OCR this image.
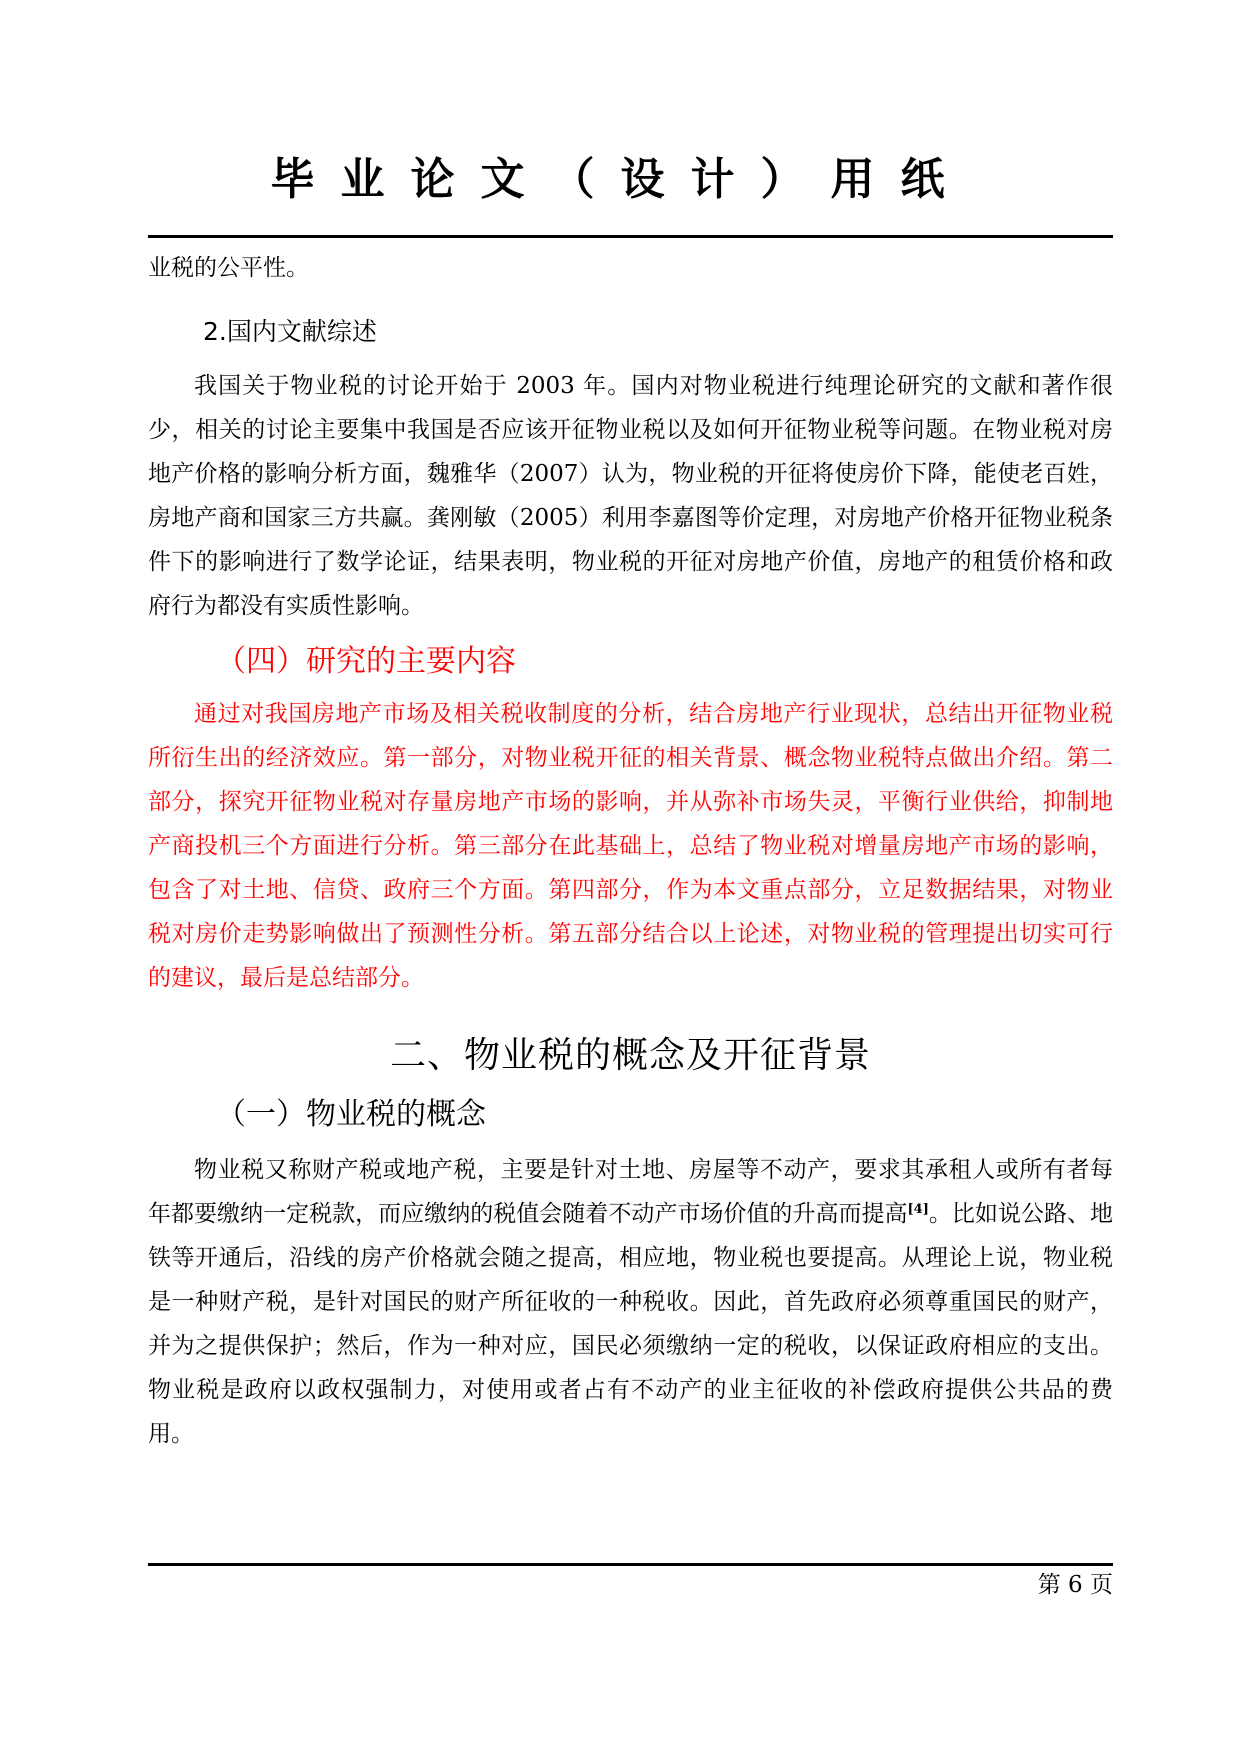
毕业论文（设计）用纸

业税的公平性。

2.国内文献综述

我国关于物业税的讨论开始于 2003 年。国内对物业税进行纯理论研究的文献和著作很少，相关的讨论主要集中我国是否应该开征物业税以及如何开征物业税等问题。在物业税对房地产价格的影响分析方面，魏雅华（2007）认为，物业税的开征将使房价下降，能使老百姓，房地产商和国家三方共赢。龚刚敏（2005）利用李嘉图等价定理，对房地产价格开征物业税条件下的影响进行了数学论证，结果表明，物业税的开征对房地产价值，房地产的租赁价格和政府行为都没有实质性影响。

（四）研究的主要内容

通过对我国房地产市场及相关税收制度的分析，结合房地产行业现状，总结出开征物业税所衍生出的经济效应。第一部分，对物业税开征的相关背景、概念物业税特点做出介绍。第二部分，探究开征物业税对存量房地产市场的影响，并从弥补市场失灵，平衡行业供给，抑制地产商投机三个方面进行分析。第三部分在此基础上，总结了物业税对增量房地产市场的影响，包含了对土地、信贷、政府三个方面。第四部分，作为本文重点部分，立足数据结果，对物业税对房价走势影响做出了预测性分析。第五部分结合以上论述，对物业税的管理提出切实可行的建议，最后是总结部分。

二、物业税的概念及开征背景
（一）物业税的概念

物业税又称财产税或地产税，主要是针对土地、房屋等不动产，要求其承租人或所有者每年都要缴纳一定税款，而应缴纳的税值会随着不动产市场价值的升高而提高[4]。比如说公路、地铁等开通后，沿线的房产价格就会随之提高，相应地，物业税也要提高。从理论上说，物业税是一种财产税，是针对国民的财产所征收的一种税收。因此，首先政府必须尊重国民的财产，并为之提供保护；然后，作为一种对应，国民必须缴纳一定的税收，以保证政府相应的支出。物业税是政府以政权强制力，对使用或者占有不动产的业主征收的补偿政府提供公共品的费用。

第 6 页
